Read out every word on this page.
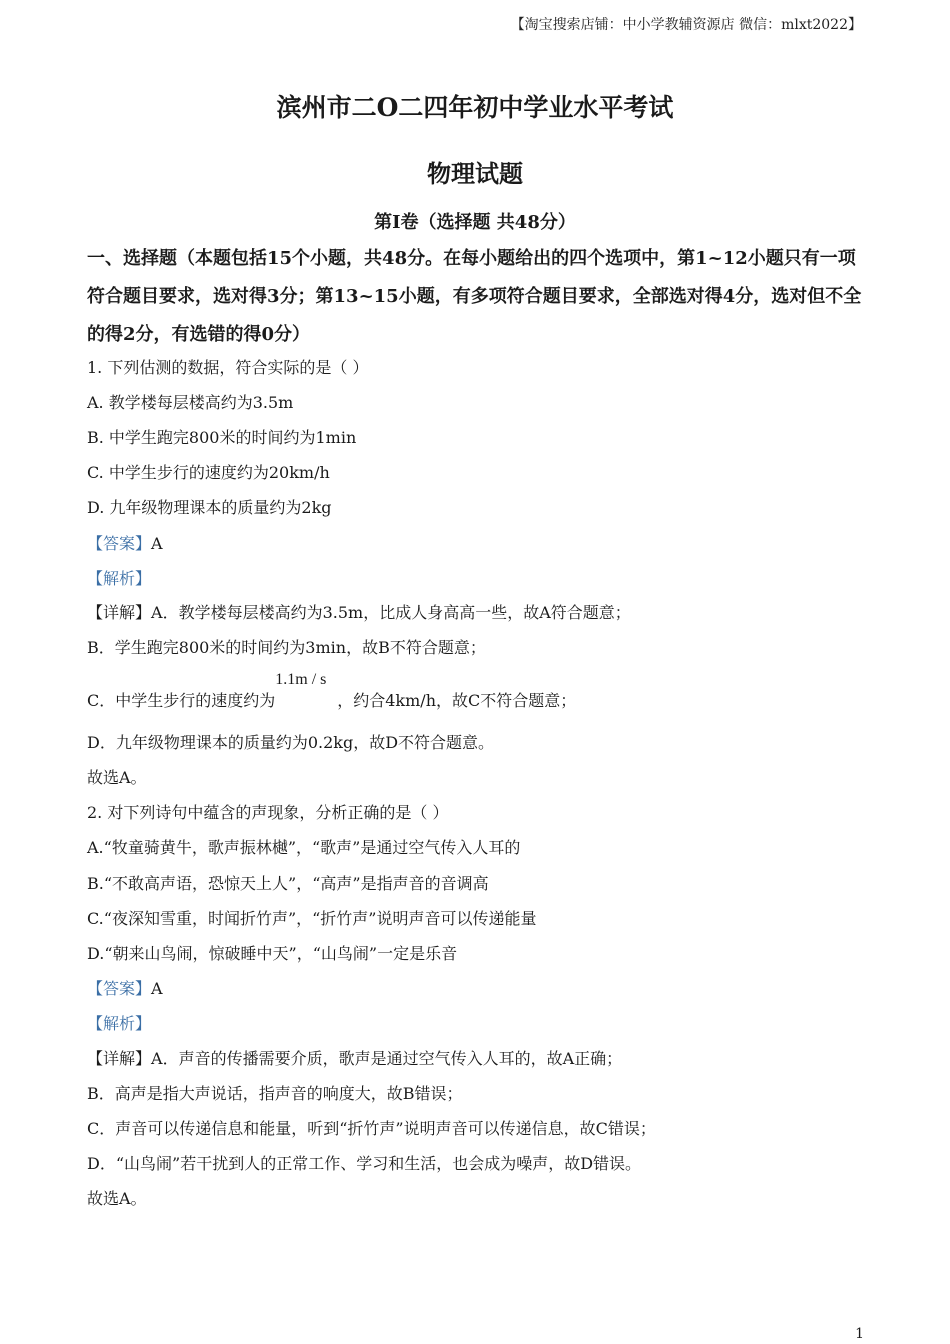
【淘宝搜索店铺：中小学教辅资源店 微信：mlxt2022】
滨州市二O二四年初中学业水平考试
物理试题
第Ⅰ卷（选择题 共48分）
一、选择题（本题包括15个小题，共48分。在每小题给出的四个选项中，第1~12小题只有一项符合题目要求，选对得3分；第13~15小题，有多项符合题目要求，全部选对得4分，选对但不全的得2分，有选错的得0分）
1. 下列估测的数据，符合实际的是（ ）
A. 教学楼每层楼高约为3.5m
B. 中学生跑完800米的时间约为1min
C. 中学生步行的速度约为20km/h
D. 九年级物理课本的质量约为2kg
【答案】A
【解析】
【详解】A．教学楼每层楼高约为3.5m，比成人身高高一些，故A符合题意；
B．学生跑完800米的时间约为3min，故B不符合题意；
C．中学生步行的速度约为
1.1m / s
，约合4km/h，故C不符合题意；
D．九年级物理课本的质量约为0.2kg，故D不符合题意。
故选A。
2. 对下列诗句中蕴含的声现象，分析正确的是（ ）
A.“牧童骑黄牛，歌声振林樾”，“歌声”是通过空气传入人耳的
B.“不敢高声语，恐惊天上人”，“高声”是指声音的音调高
C.“夜深知雪重，时闻折竹声”，“折竹声”说明声音可以传递能量
D.“朝来山鸟闹，惊破睡中天”，“山鸟闹”一定是乐音
【答案】A
【解析】
【详解】A．声音的传播需要介质，歌声是通过空气传入人耳的，故A正确；
B．高声是指大声说话，指声音的响度大，故B错误；
C．声音可以传递信息和能量，听到“折竹声”说明声音可以传递信息，故C错误；
D．“山鸟闹”若干扰到人的正常工作、学习和生活，也会成为噪声，故D错误。
故选A。
1
